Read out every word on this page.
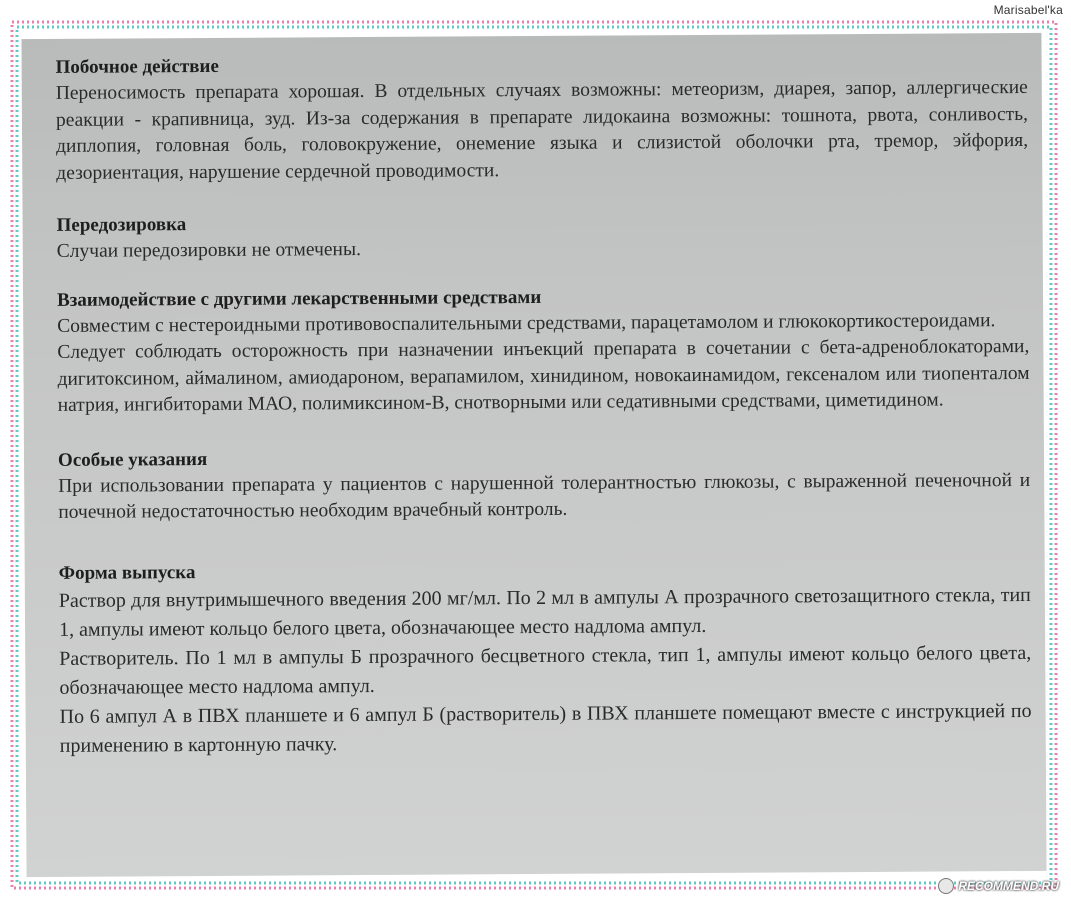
Marisabel'ka
Побочное действие
Переносимость препарата хорошая. В отдельных случаях возможны: метеоризм, диарея, запор, аллергические реакции - крапивница, зуд. Из-за содержания в препарате лидокаина возможны: тошнота, рвота, сонливость, диплопия, головная боль, головокружение, онемение языка и слизистой оболочки рта, тремор, эйфория, дезориентация, нарушение сердечной проводимости.
Передозировка
Случаи передозировки не отмечены.
Взаимодействие с другими лекарственными средствами
Совместим с нестероидными противовоспалительными средствами, парацетамолом и глюкокортикостероидами.
Следует соблюдать осторожность при назначении инъекций препарата в сочетании с бета-адреноблокаторами, дигитоксином, аймалином, амиодароном, верапамилом, хинидином, новокаинамидом, гексеналом или тиопенталом натрия, ингибиторами МАО, полимиксином-В, снотворными или седативными средствами, циметидином.
Особые указания
При использовании препарата у пациентов с нарушенной толерантностью глюкозы, с выраженной печеночной и почечной недостаточностью необходим врачебный контроль.
Форма выпуска
Раствор для внутримышечного введения 200 мг/мл. По 2 мл в ампулы А прозрачного светозащитного стекла, тип 1, ампулы имеют кольцо белого цвета, обозначающее место надлома ампул.
Растворитель. По 1 мл в ампулы Б прозрачного бесцветного стекла, тип 1, ампулы имеют кольцо белого цвета, обозначающее место надлома ампул.
По 6 ампул А в ПВХ планшете и 6 ампул Б (растворитель) в ПВХ планшете помещают вместе с инструкцией по применению в картонную пачку.
RECOMMEND.RU
